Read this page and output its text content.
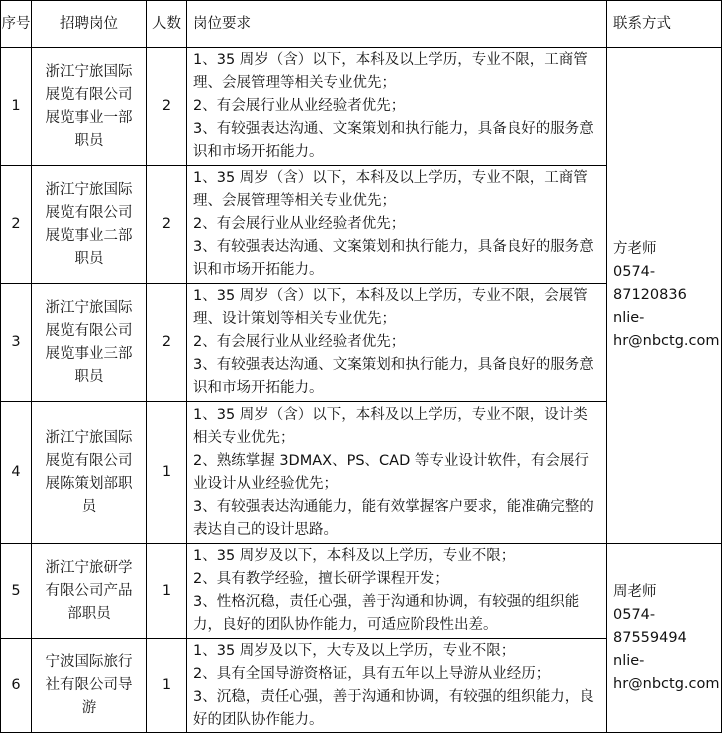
序号	招聘岗位	人数	岗位要求	联系方式
1	浙江宁旅国际展览有限公司展览事业一部职员	2	1、35 周岁（含）以下，本科及以上学历，专业不限，工商管理、会展管理等相关专业优先；
2、有会展行业从业经验者优先；
3、有较强表达沟通、文案策划和执行能力，具备良好的服务意识和市场开拓能力。	方老师
0574-87120836
nlie-hr@nbctg.com

2	浙江宁旅国际展览有限公司展览事业二部职员	2	1、35 周岁（含）以下，本科及以上学历，专业不限，工商管理、会展管理等相关专业优先；
2、有会展行业从业经验者优先；
3、有较强表达沟通、文案策划和执行能力，具备良好的服务意识和市场开拓能力。	

3	浙江宁旅国际展览有限公司展览事业三部职员	2	1、35 周岁（含）以下，本科及以上学历，专业不限，会展管理、设计策划等相关专业优先；
2、有会展行业从业经验者优先；
3、有较强表达沟通、文案策划和执行能力，具备良好的服务意识和市场开拓能力。	

4	浙江宁旅国际展览有限公司展陈策划部职员	1	1、35 周岁（含）以下，本科及以上学历，专业不限，设计类相关专业优先；
2、熟练掌握 3DMAX、PS、CAD 等专业设计软件，有会展行业设计从业经验优先；
3、有较强表达沟通能力，能有效掌握客户要求，能准确完整的表达自己的设计思路。	

5	浙江宁旅研学有限公司产品部职员	1	1、35 周岁及以下，本科及以上学历，专业不限；
2、具有教学经验，擅长研学课程开发；
3、性格沉稳，责任心强，善于沟通和协调，有较强的组织能力，良好的团队协作能力，可适应阶段性出差。	周老师
0574-87559494
nlie-hr@nbctg.com

6	宁波国际旅行社有限公司导游	1	1、35 周岁及以下，大专及以上学历，专业不限；
2、具有全国导游资格证，具有五年以上导游从业经历；
3、沉稳，责任心强，善于沟通和协调，有较强的组织能力，良好的团队协作能力。	
